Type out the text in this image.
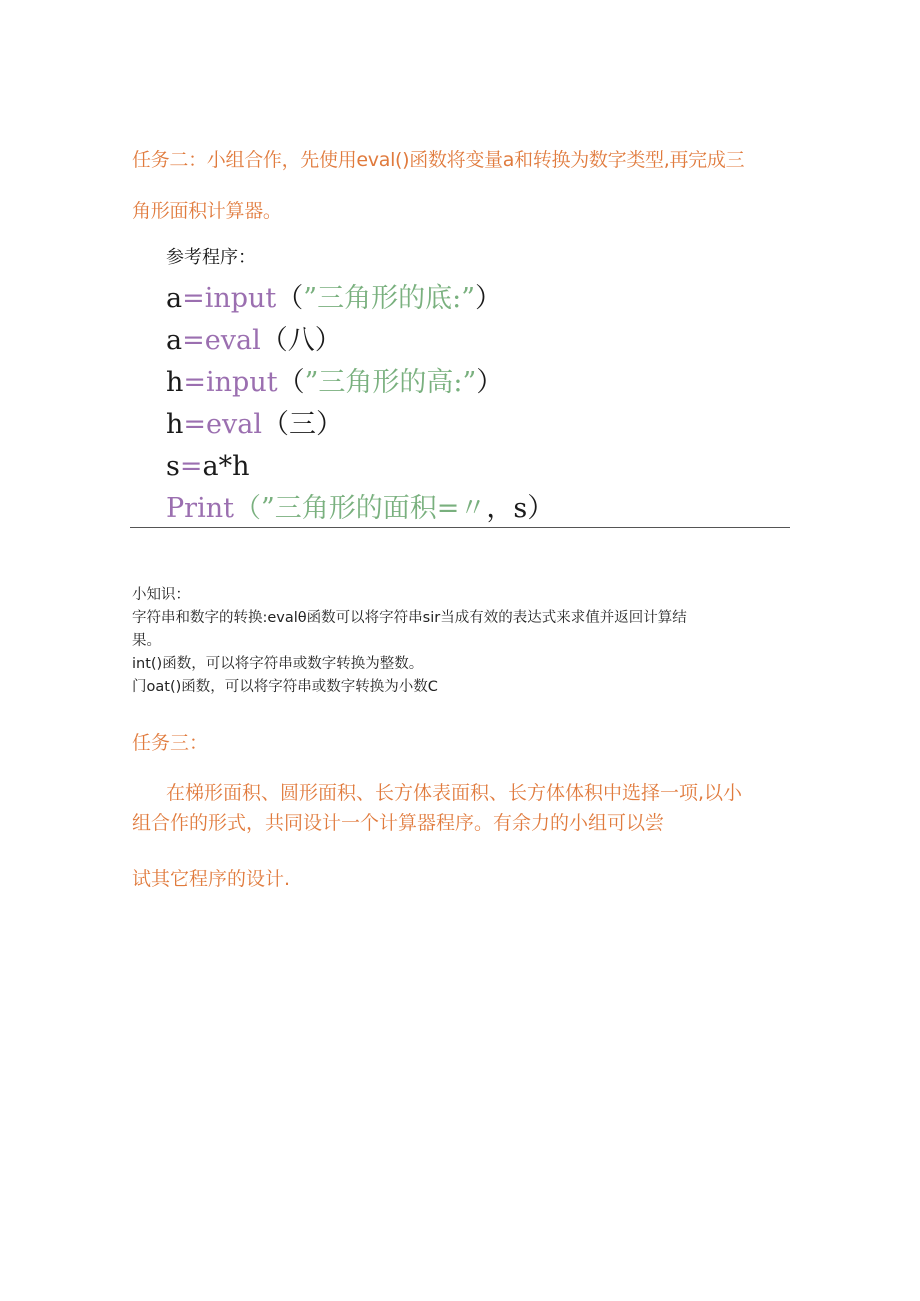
任务二：小组合作，先使用eval()函数将变量a和转换为数字类型,再完成三
角形面积计算器。
参考程序：
a=input（”三角形的底:”）
a=eval（八）
h=input（”三角形的高:”）
h=eval（三）
s=a*h
Print（”三角形的面积=〃，s）
小知识：
字符串和数字的转换:evalθ函数可以将字符串sir当成有效的表达式来求值并返回计算结
果。
int()函数，可以将字符串或数字转换为整数。
门oat()函数，可以将字符串或数字转换为小数C
任务三：
在梯形面积、圆形面积、长方体表面积、长方体体积中选择一项,以小
组合作的形式，共同设计一个计算器程序。有余力的小组可以尝
试其它程序的设计.
